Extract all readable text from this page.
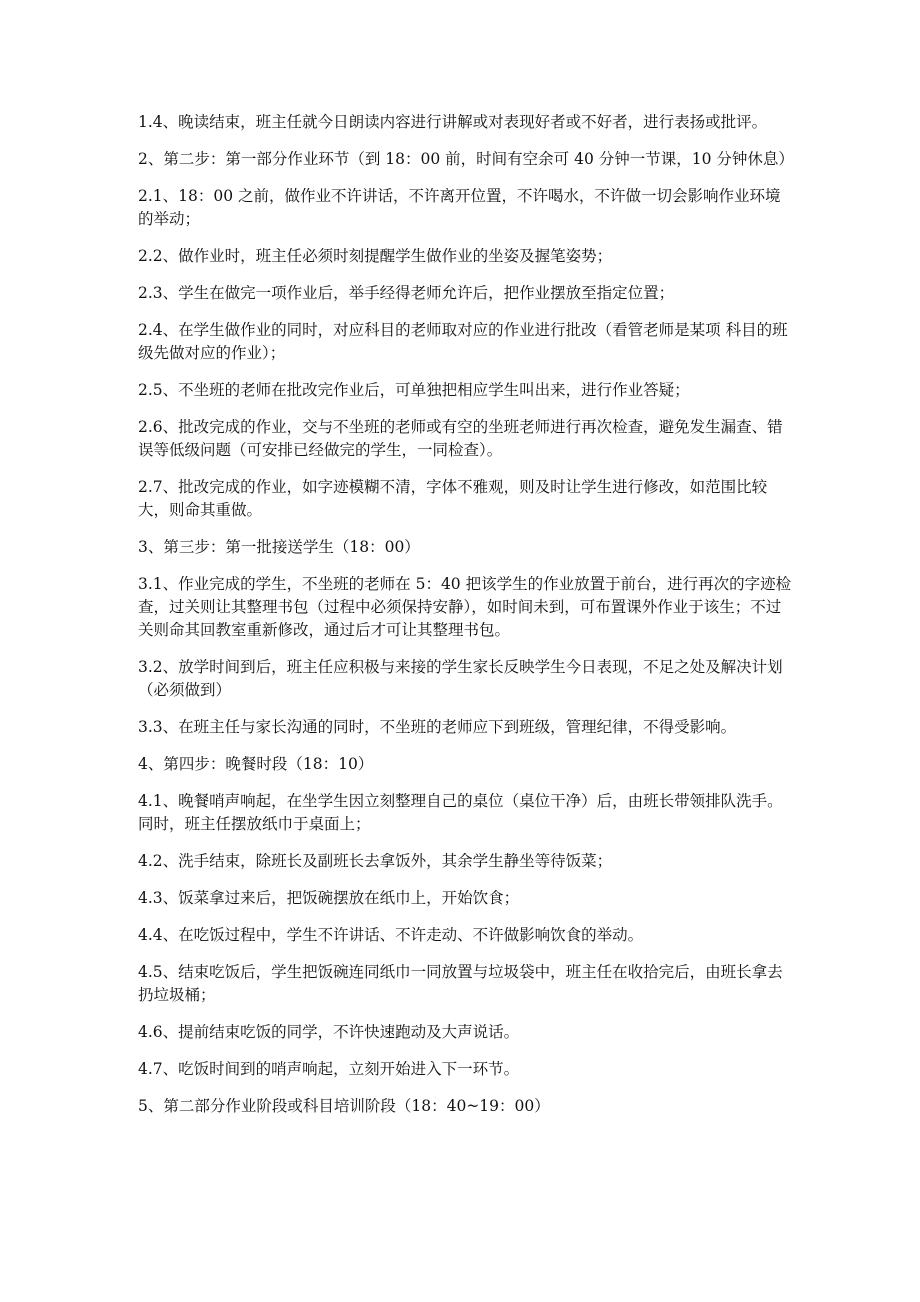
1.4、晚读结束，班主任就今日朗读内容进行讲解或对表现好者或不好者，进行表扬或批评。

2、第二步：第一部分作业环节（到 18：00 前，时间有空余可 40 分钟一节课，10 分钟休息）

2.1、18：00 之前，做作业不许讲话，不许离开位置，不许喝水，不许做一切会影响作业环境的举动；

2.2、做作业时，班主任必须时刻提醒学生做作业的坐姿及握笔姿势；

2.3、学生在做完一项作业后，举手经得老师允许后，把作业摆放至指定位置；

2.4、在学生做作业的同时，对应科目的老师取对应的作业进行批改（看管老师是某项 科目的班级先做对应的作业）；

2.5、不坐班的老师在批改完作业后，可单独把相应学生叫出来，进行作业答疑；

2.6、批改完成的作业，交与不坐班的老师或有空的坐班老师进行再次检查，避免发生漏查、错误等低级问题（可安排已经做完的学生，一同检查）。

2.7、批改完成的作业，如字迹模糊不清，字体不雅观，则及时让学生进行修改，如范围比较大，则命其重做。

3、第三步：第一批接送学生（18：00）

3.1、作业完成的学生，不坐班的老师在 5：40 把该学生的作业放置于前台，进行再次的字迹检查，过关则让其整理书包（过程中必须保持安静），如时间未到，可布置课外作业于该生；不过关则命其回教室重新修改，通过后才可让其整理书包。

3.2、放学时间到后，班主任应积极与来接的学生家长反映学生今日表现，不足之处及解决计划（必须做到）

3.3、在班主任与家长沟通的同时，不坐班的老师应下到班级，管理纪律，不得受影响。

4、第四步：晚餐时段（18：10）

4.1、晚餐哨声响起，在坐学生因立刻整理自己的桌位（桌位干净）后，由班长带领排队洗手。同时，班主任摆放纸巾于桌面上；

4.2、洗手结束，除班长及副班长去拿饭外，其余学生静坐等待饭菜；

4.3、饭菜拿过来后，把饭碗摆放在纸巾上，开始饮食；

4.4、在吃饭过程中，学生不许讲话、不许走动、不许做影响饮食的举动。

4.5、结束吃饭后，学生把饭碗连同纸巾一同放置与垃圾袋中，班主任在收拾完后，由班长拿去扔垃圾桶；

4.6、提前结束吃饭的同学，不许快速跑动及大声说话。

4.7、吃饭时间到的哨声响起，立刻开始进入下一环节。

5、第二部分作业阶段或科目培训阶段（18：40~19：00）
